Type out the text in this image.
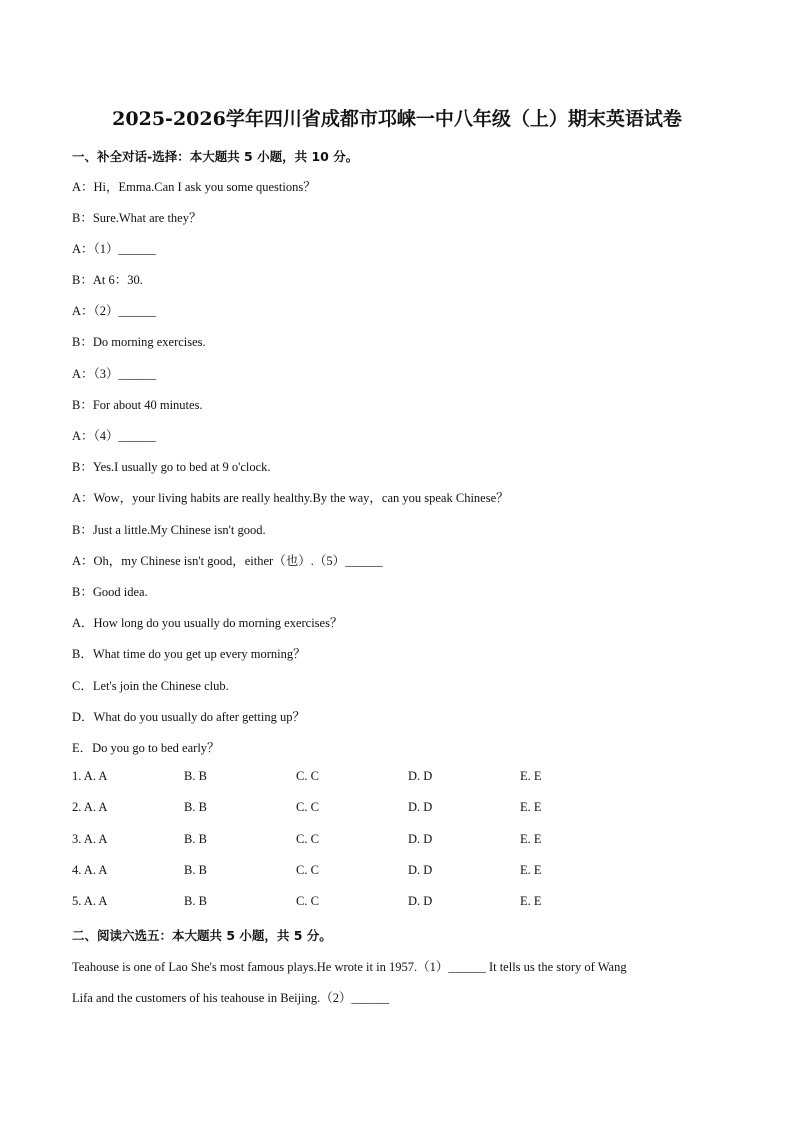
2025-2026学年四川省成都市邛崃一中八年级（上）期末英语试卷
一、补全对话-选择：本大题共 5 小题，共 10 分。
A：Hi，Emma.Can I ask you some questions？
B：Sure.What are they？
A：（1）______
B：At 6：30.
A：（2）______
B：Do morning exercises.
A：（3）______
B：For about 40 minutes.
A：（4）______
B：Yes.I usually go to bed at 9 o'clock.
A：Wow，your living habits are really healthy.By the way，can you speak Chinese？
B：Just a little.My Chinese isn't good.
A：Oh，my Chinese isn't good，either（也）.（5）______
B：Good idea.
A．How long do you usually do morning exercises？
B．What time do you get up every morning？
C．Let's join the Chinese club.
D．What do you usually do after getting up？
E．Do you go to bed early？
1. A. A	B. B	C. C	D. D	E. E
2. A. A	B. B	C. C	D. D	E. E
3. A. A	B. B	C. C	D. D	E. E
4. A. A	B. B	C. C	D. D	E. E
5. A. A	B. B	C. C	D. D	E. E
二、阅读六选五：本大题共 5 小题，共 5 分。
Teahouse is one of Lao She's most famous plays.He wrote it in 1957.（1）______ It tells us the story of Wang
Lifa and the customers of his teahouse in Beijing.（2）______
